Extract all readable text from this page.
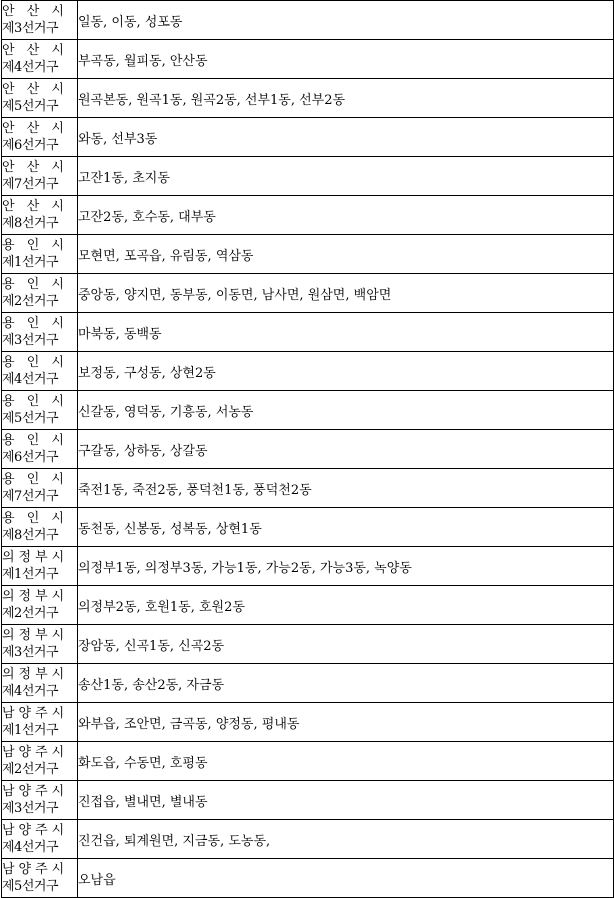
안 산 시
제3선거구	일동, 이동, 성포동

안 산 시
제4선거구	부곡동, 월피동, 안산동

안 산 시
제5선거구	원곡본동, 원곡1동, 원곡2동, 선부1동, 선부2동

안 산 시
제6선거구	와동, 선부3동

안 산 시
제7선거구	고잔1동, 초지동

안 산 시
제8선거구	고잔2동, 호수동, 대부동

용 인 시
제1선거구	모현면, 포곡읍, 유림동, 역삼동

용 인 시
제2선거구	중앙동, 양지면, 동부동, 이동면, 남사면, 원삼면, 백암면

용 인 시
제3선거구	마북동, 동백동

용 인 시
제4선거구	보정동, 구성동, 상현2동

용 인 시
제5선거구	신갈동, 영덕동, 기흥동, 서농동

용 인 시
제6선거구	구갈동, 상하동, 상갈동

용 인 시
제7선거구	죽전1동, 죽전2동, 풍덕천1동, 풍덕천2동

용 인 시
제8선거구	동천동, 신봉동, 성복동, 상현1동

의정부시
제1선거구	의정부1동, 의정부3동, 가능1동, 가능2동, 가능3동, 녹양동

의정부시
제2선거구	의정부2동, 호원1동, 호원2동

의정부시
제3선거구	장암동, 신곡1동, 신곡2동

의정부시
제4선거구	송산1동, 송산2동, 자금동

남양주시
제1선거구	와부읍, 조안면, 금곡동, 양정동, 평내동

남양주시
제2선거구	화도읍, 수동면, 호평동

남양주시
제3선거구	진접읍, 별내면, 별내동

남양주시
제4선거구	진건읍, 퇴계원면, 지금동, 도농동,

남양주시
제5선거구	오남읍
